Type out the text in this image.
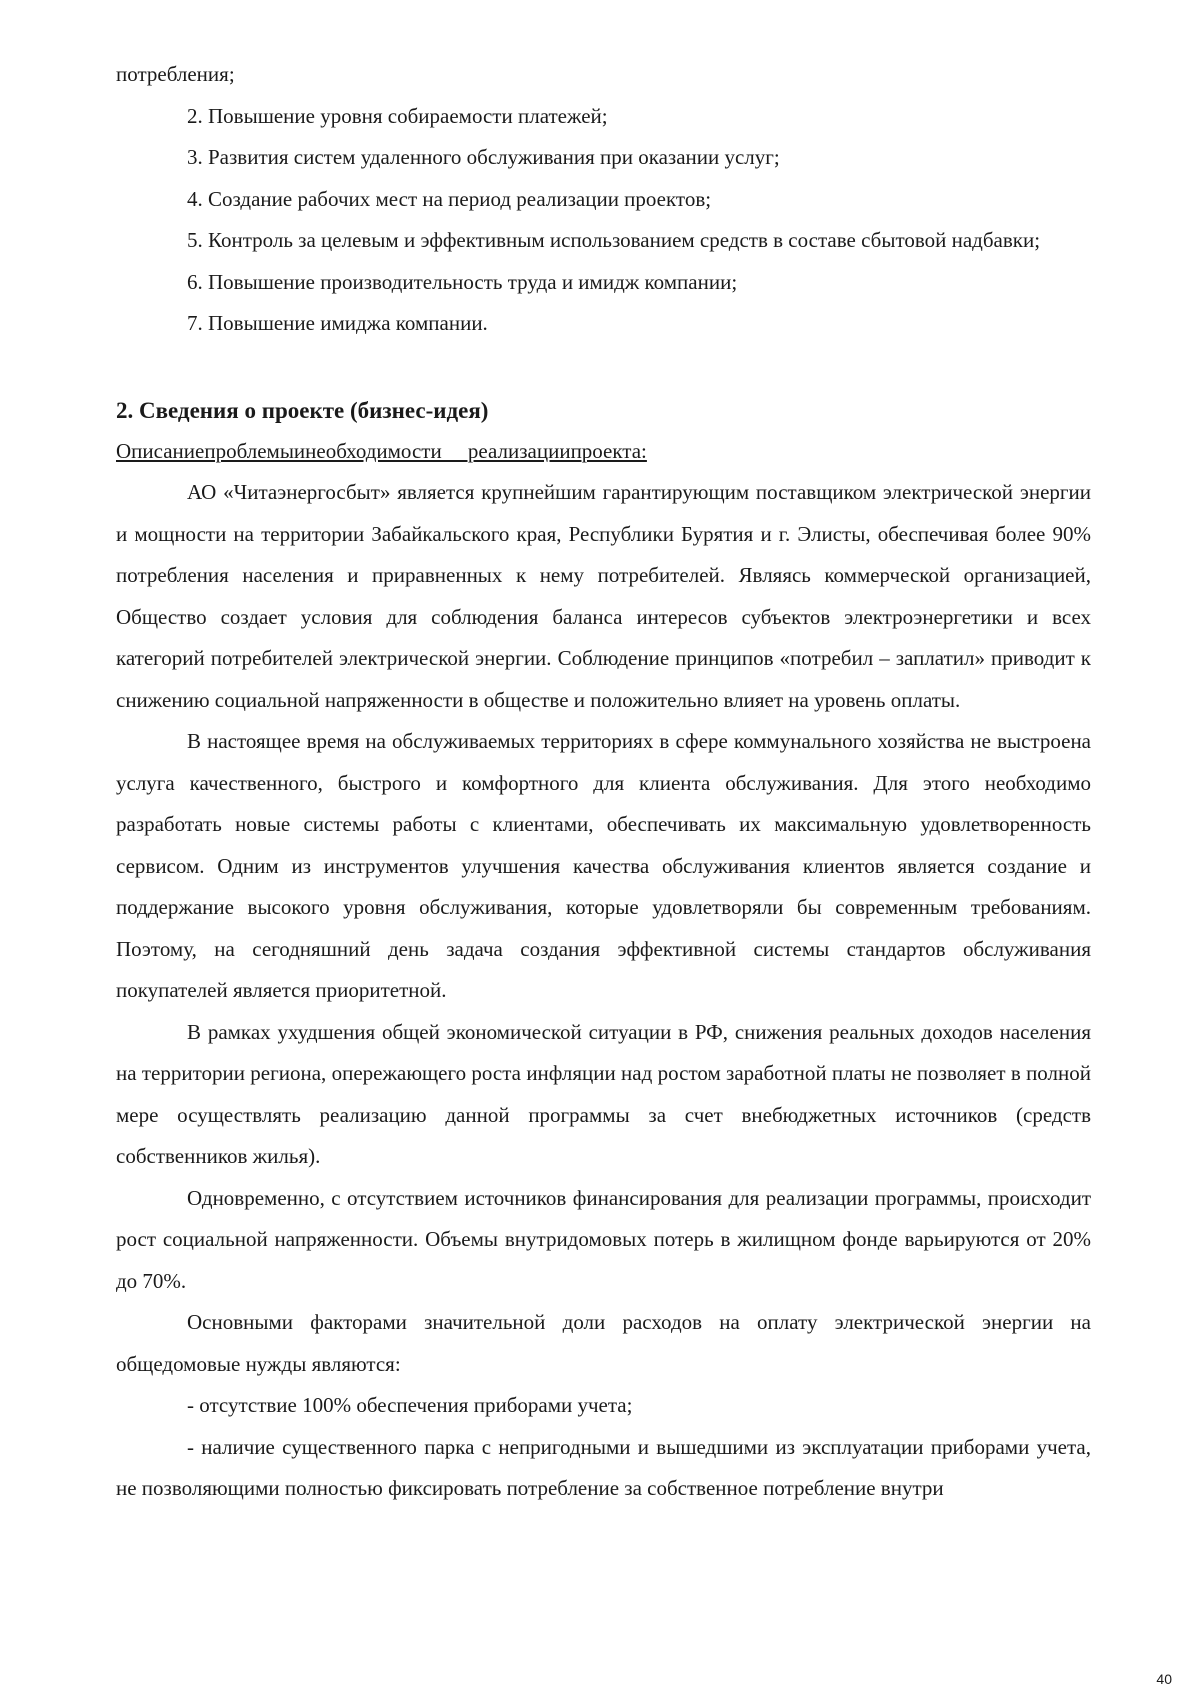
потребления;

2. Повышение уровня собираемости платежей;

3. Развития систем удаленного обслуживания при оказании услуг;

4. Создание рабочих мест на период реализации проектов;

5. Контроль за целевым и эффективным использованием средств в составе сбытовой надбавки;

6. Повышение производительность труда и имидж компании;

7. Повышение имиджа компании.

2. Сведения о проекте (бизнес-идея)

Описаниепроблемыинеобходимости     реализациипроекта:

АО «Читаэнергосбыт» является крупнейшим гарантирующим поставщиком электрической энергии и мощности на территории Забайкальского края, Республики Бурятия и г. Элисты, обеспечивая более 90% потребления населения и приравненных к нему потребителей. Являясь коммерческой организацией, Общество создает условия для соблюдения баланса интересов субъектов электроэнергетики и всех категорий потребителей электрической энергии. Соблюдение принципов «потребил – заплатил» приводит к снижению социальной напряженности в обществе и положительно влияет на уровень оплаты.

В настоящее время на обслуживаемых территориях в сфере коммунального хозяйства не выстроена услуга качественного, быстрого и комфортного для клиента обслуживания. Для этого необходимо разработать новые системы работы с клиентами, обеспечивать их максимальную удовлетворенность сервисом. Одним из инструментов улучшения качества обслуживания клиентов является создание и поддержание высокого уровня обслуживания, которые удовлетворяли бы современным требованиям. Поэтому, на сегодняшний день задача создания эффективной системы стандартов обслуживания покупателей является приоритетной.

В рамках ухудшения общей экономической ситуации в РФ, снижения реальных доходов населения на территории региона, опережающего роста инфляции над ростом заработной платы не позволяет в полной мере осуществлять реализацию данной программы за счет внебюджетных источников (средств собственников жилья).

Одновременно, с отсутствием источников финансирования для реализации программы, происходит рост социальной напряженности. Объемы внутридомовых потерь в жилищном фонде варьируются от 20% до 70%.

Основными факторами значительной доли расходов на оплату электрической энергии на общедомовые нужды являются:

- отсутствие 100% обеспечения приборами учета;

- наличие существенного парка с непригодными и вышедшими из эксплуатации приборами учета, не позволяющими полностью фиксировать потребление за собственное потребление внутри

40
